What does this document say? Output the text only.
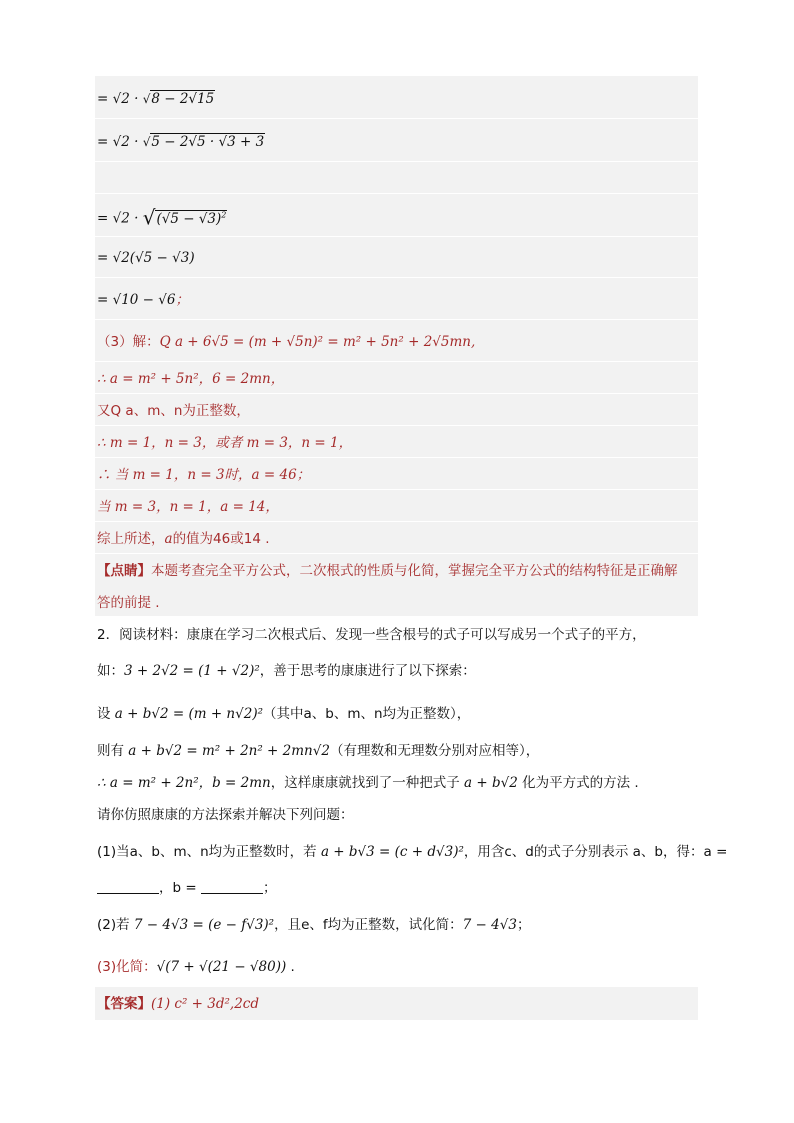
= √2 · √8 − 2√15
= √2 · √5 − 2√5 · √3 + 3
= $√2 \cdot √(√5 - √3)^2$
= √2(√5 − √3)
= √10 − √6；
（3）解：Q a + 6√5 = (m + √5n)² = m² + 5n² + 2√5mn,
∴ a = m² + 5n²，6 = 2mn，
又Q a、m、n为正整数，
∴ m = 1，n = 3，或者 m = 3，n = 1，
∴ 当 m = 1，n = 3时，a = 46；
当 m = 3，n = 1，a = 14，
综上所述，a的值为46或14 .
【点睛】本题考查完全平方公式，二次根式的性质与化简，掌握完全平方公式的结构特征是正确解
答的前提 .
2．阅读材料：康康在学习二次根式后、发现一些含根号的式子可以写成另一个式子的平方，
如：3 + 2√2 = (1 + √2)²，善于思考的康康进行了以下探索：
设 a + b√2 = (m + n√2)²（其中a、b、m、n均为正整数），
则有 a + b√2 = m² + 2n² + 2mn√2（有理数和无理数分别对应相等），
∴ a = m² + 2n²，b = 2mn，这样康康就找到了一种把式子 a + b√2 化为平方式的方法 .
请你仿照康康的方法探索并解决下列问题：
(1)当a、b、m、n均为正整数时，若 a + b√3 = (c + d√3)²，用含c、d的式子分别表示 a、b，得：a =
，b =	；
(2)若 7 − 4√3 = (e − f√3)²，且e、f均为正整数，试化简：7 − 4√3；
(3)化简：√(7 + √(21 − √80)) .
【答案】(1) c² + 3d²,2cd
